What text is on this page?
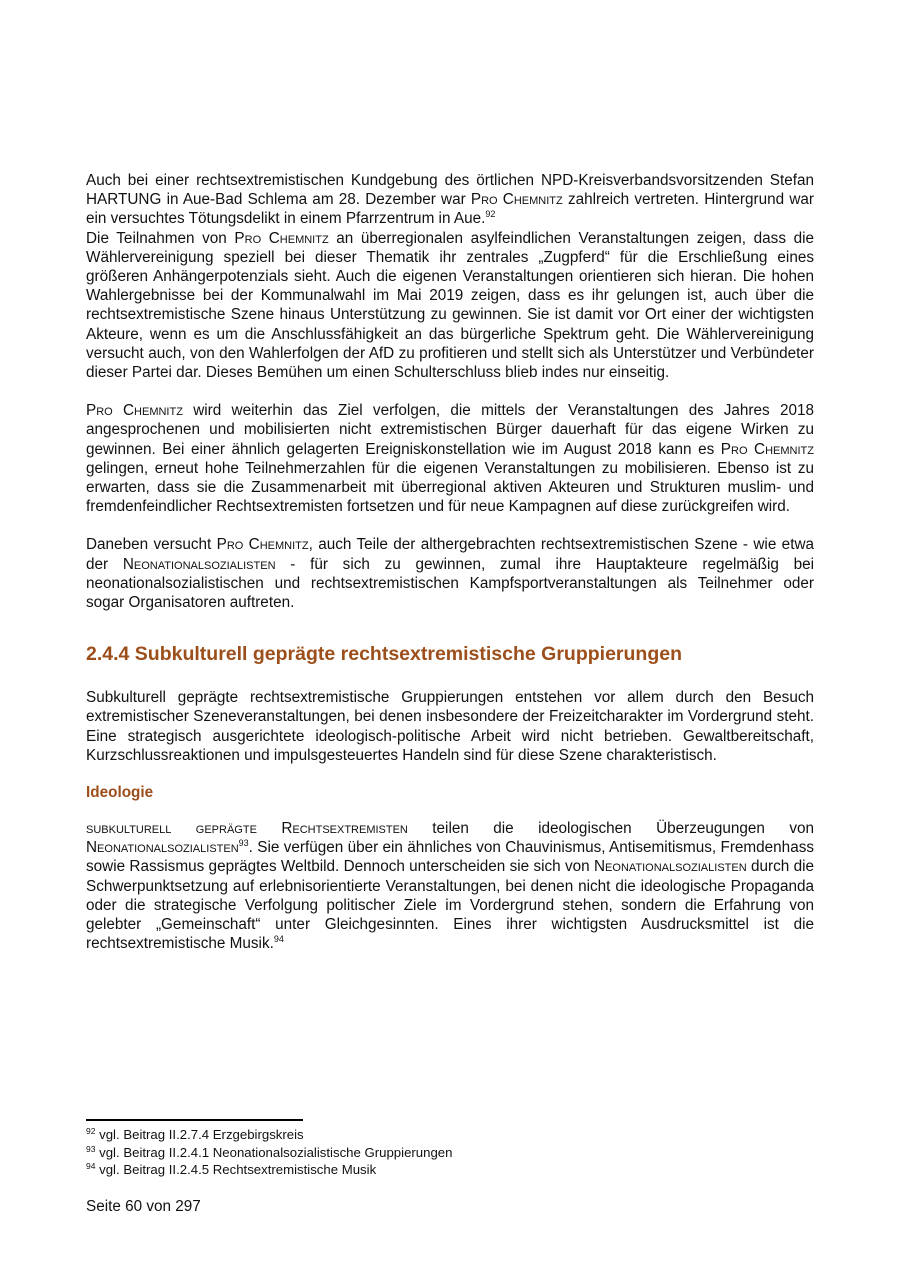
Auch bei einer rechtsextremistischen Kundgebung des örtlichen NPD-Kreisverbandsvorsitzenden Stefan HARTUNG in Aue-Bad Schlema am 28. Dezember war Pro Chemnitz zahlreich vertreten. Hintergrund war ein versuchtes Tötungsdelikt in einem Pfarrzentrum in Aue.$^{92}$

Die Teilnahmen von Pro Chemnitz an überregionalen asylfeindlichen Veranstaltungen zeigen, dass die Wählervereinigung speziell bei dieser Thematik ihr zentrales „Zugpferd“ für die Erschließung eines größeren Anhängerpotenzials sieht. Auch die eigenen Veranstaltungen orientieren sich hieran. Die hohen Wahlergebnisse bei der Kommunalwahl im Mai 2019 zeigen, dass es ihr gelungen ist, auch über die rechtsextremistische Szene hinaus Unterstützung zu gewinnen. Sie ist damit vor Ort einer der wichtigsten Akteure, wenn es um die Anschlussfähigkeit an das bürgerliche Spektrum geht. Die Wählervereinigung versucht auch, von den Wahlerfolgen der AfD zu profitieren und stellt sich als Unterstützer und Verbündeter dieser Partei dar. Dieses Bemühen um einen Schulterschluss blieb indes nur einseitig.

Pro Chemnitz wird weiterhin das Ziel verfolgen, die mittels der Veranstaltungen des Jahres 2018 angesprochenen und mobilisierten nicht extremistischen Bürger dauerhaft für das eigene Wirken zu gewinnen. Bei einer ähnlich gelagerten Ereigniskonstellation wie im August 2018 kann es Pro Chemnitz gelingen, erneut hohe Teilnehmerzahlen für die eigenen Veranstaltungen zu mobilisieren. Ebenso ist zu erwarten, dass sie die Zusammenarbeit mit überregional aktiven Akteuren und Strukturen muslim- und fremdenfeindlicher Rechtsextremisten fortsetzen und für neue Kampagnen auf diese zurückgreifen wird.

Daneben versucht Pro Chemnitz, auch Teile der althergebrachten rechtsextremistischen Szene - wie etwa der Neonationalsozialisten - für sich zu gewinnen, zumal ihre Hauptakteure regelmäßig bei neonationalsozialistischen und rechtsextremistischen Kampfsportveranstaltungen als Teilnehmer oder sogar Organisatoren auftreten.

2.4.4 Subkulturell geprägte rechtsextremistische Gruppierungen

Subkulturell geprägte rechtsextremistische Gruppierungen entstehen vor allem durch den Besuch extremistischer Szeneveranstaltungen, bei denen insbesondere der Freizeitcharakter im Vordergrund steht. Eine strategisch ausgerichtete ideologisch-politische Arbeit wird nicht betrieben. Gewaltbereitschaft, Kurzschlussreaktionen und impulsgesteuertes Handeln sind für diese Szene charakteristisch.

Ideologie

subkulturell geprägte Rechtsextremisten teilen die ideologischen Überzeugungen von Neonationalsozialisten$^{93}$. Sie verfügen über ein ähnliches von Chauvinismus, Antisemitismus, Fremdenhass sowie Rassismus geprägtes Weltbild. Dennoch unterscheiden sie sich von Neonationalsozialisten durch die Schwerpunktsetzung auf erlebnisorientierte Veranstaltungen, bei denen nicht die ideologische Propaganda oder die strategische Verfolgung politischer Ziele im Vordergrund stehen, sondern die Erfahrung von gelebter „Gemeinschaft“ unter Gleichgesinnten. Eines ihrer wichtigsten Ausdrucksmittel ist die rechtsextremistische Musik.$^{94}$

$^{92}$ vgl. Beitrag II.2.7.4 Erzgebirgskreis
$^{93}$ vgl. Beitrag II.2.4.1 Neonationalsozialistische Gruppierungen
$^{94}$ vgl. Beitrag II.2.4.5 Rechtsextremistische Musik
Seite 60 von 297
